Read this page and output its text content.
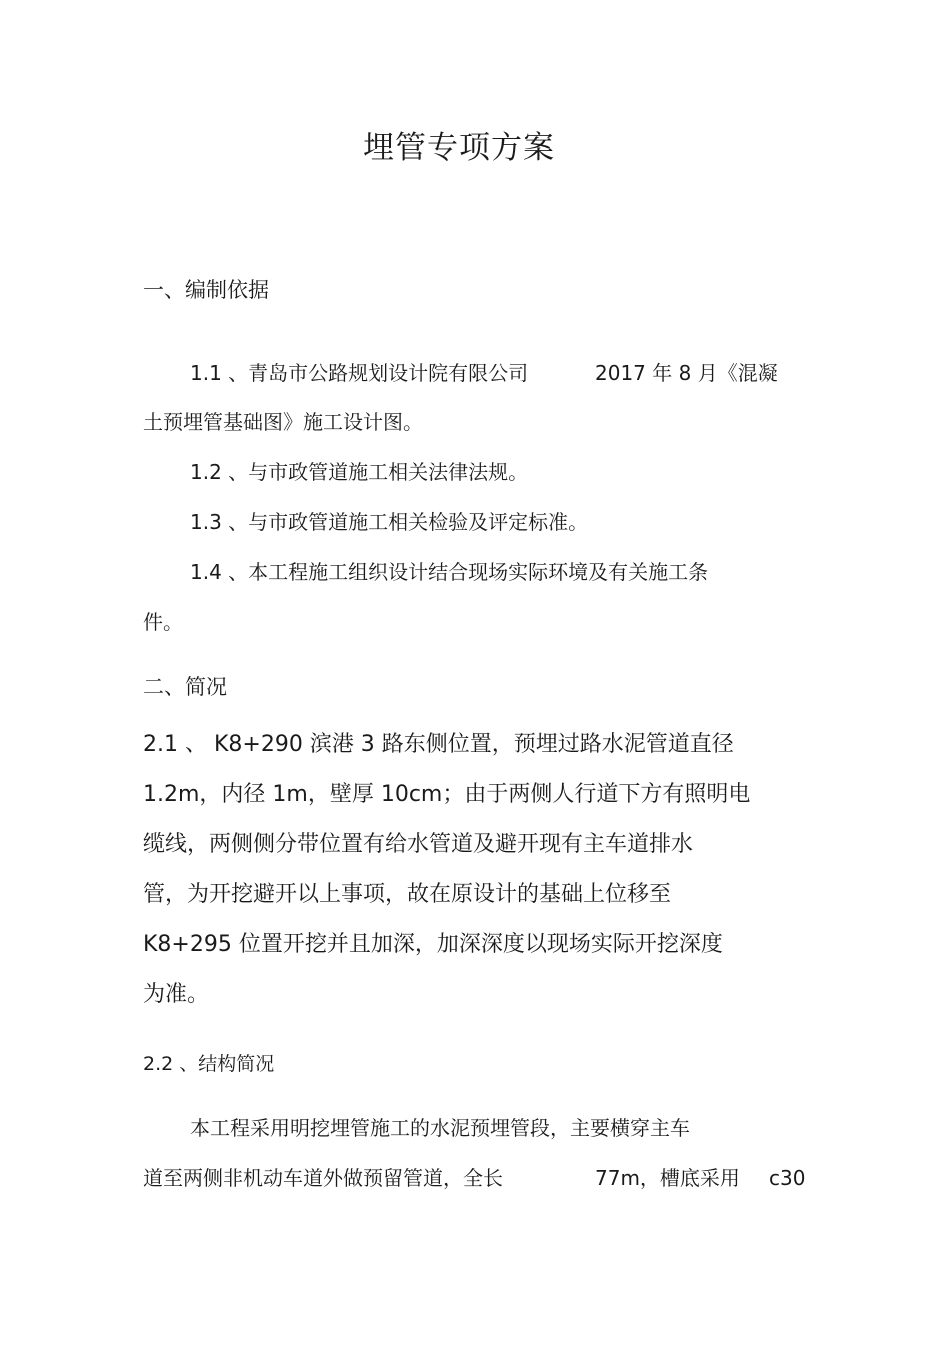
埋管专项方案
一、编制依据
1.1 、青岛市公路规划设计院有限公司	2017 年 8 月《混凝
土预埋管基础图》施工设计图。
1.2 、与市政管道施工相关法律法规。
1.3 、与市政管道施工相关检验及评定标准。
1.4 、本工程施工组织设计结合现场实际环境及有关施工条
件。
二、简况
2.1 、 K8+290 滨港 3 路东侧位置，预埋过路水泥管道直径
1.2m，内径 1m，壁厚 10cm；由于两侧人行道下方有照明电
缆线，两侧侧分带位置有给水管道及避开现有主车道排水
管，为开挖避开以上事项，故在原设计的基础上位移至
K8+295 位置开挖并且加深，加深深度以现场实际开挖深度
为准。
2.2 、结构简况
本工程采用明挖埋管施工的水泥预埋管段，主要横穿主车
道至两侧非机动车道外做预留管道，全长	77m，槽底采用 c30
